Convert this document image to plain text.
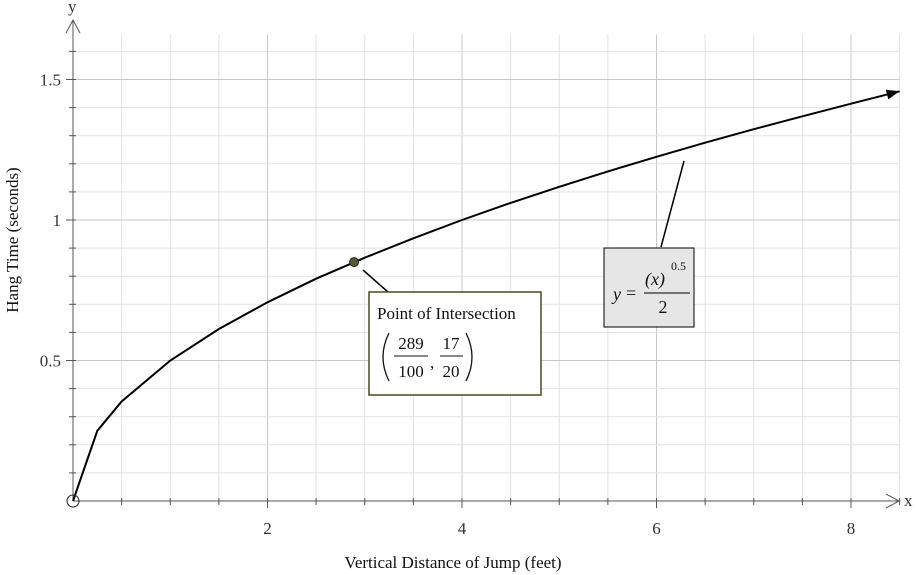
2	4	6	8
0.5
1
1.5
x
y
Vertical Distance of Jump (feet)
Hang Time (seconds)	y =
(x)
0.5
2
Point of Intersection
289
100 ,
17
20
